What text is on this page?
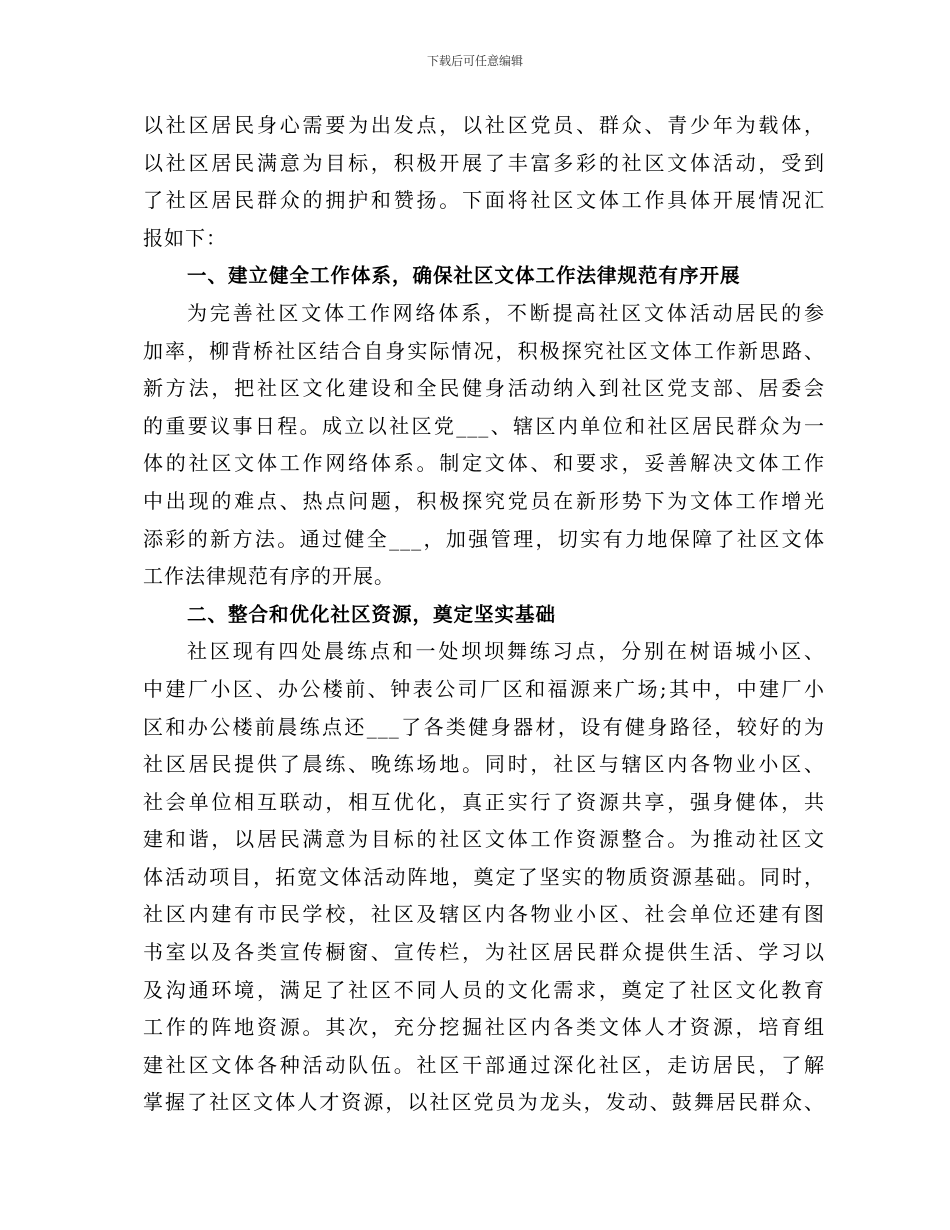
下载后可任意编辑
以社区居民身心需要为出发点，以社区党员、群众、青少年为载体，
以社区居民满意为目标，积极开展了丰富多彩的社区文体活动，受到
了社区居民群众的拥护和赞扬。下面将社区文体工作具体开展情况汇
报如下：
一、建立健全工作体系，确保社区文体工作法律规范有序开展
为完善社区文体工作网络体系，不断提高社区文体活动居民的参
加率，柳背桥社区结合自身实际情况，积极探究社区文体工作新思路、
新方法，把社区文化建设和全民健身活动纳入到社区党支部、居委会
的重要议事日程。成立以社区党___、辖区内单位和社区居民群众为一
体的社区文体工作网络体系。制定文体、和要求，妥善解决文体工作
中出现的难点、热点问题，积极探究党员在新形势下为文体工作增光
添彩的新方法。通过健全___，加强管理，切实有力地保障了社区文体
工作法律规范有序的开展。
二、整合和优化社区资源，奠定坚实基础
社区现有四处晨练点和一处坝坝舞练习点，分别在树语城小区、
中建厂小区、办公楼前、钟表公司厂区和福源来广场;其中，中建厂小
区和办公楼前晨练点还___了各类健身器材，设有健身路径，较好的为
社区居民提供了晨练、晚练场地。同时，社区与辖区内各物业小区、
社会单位相互联动，相互优化，真正实行了资源共享，强身健体，共
建和谐，以居民满意为目标的社区文体工作资源整合。为推动社区文
体活动项目，拓宽文体活动阵地，奠定了坚实的物质资源基础。同时，
社区内建有市民学校，社区及辖区内各物业小区、社会单位还建有图
书室以及各类宣传橱窗、宣传栏，为社区居民群众提供生活、学习以
及沟通环境，满足了社区不同人员的文化需求，奠定了社区文化教育
工作的阵地资源。其次，充分挖掘社区内各类文体人才资源，培育组
建社区文体各种活动队伍。社区干部通过深化社区，走访居民，了解
掌握了社区文体人才资源，以社区党员为龙头，发动、鼓舞居民群众、
